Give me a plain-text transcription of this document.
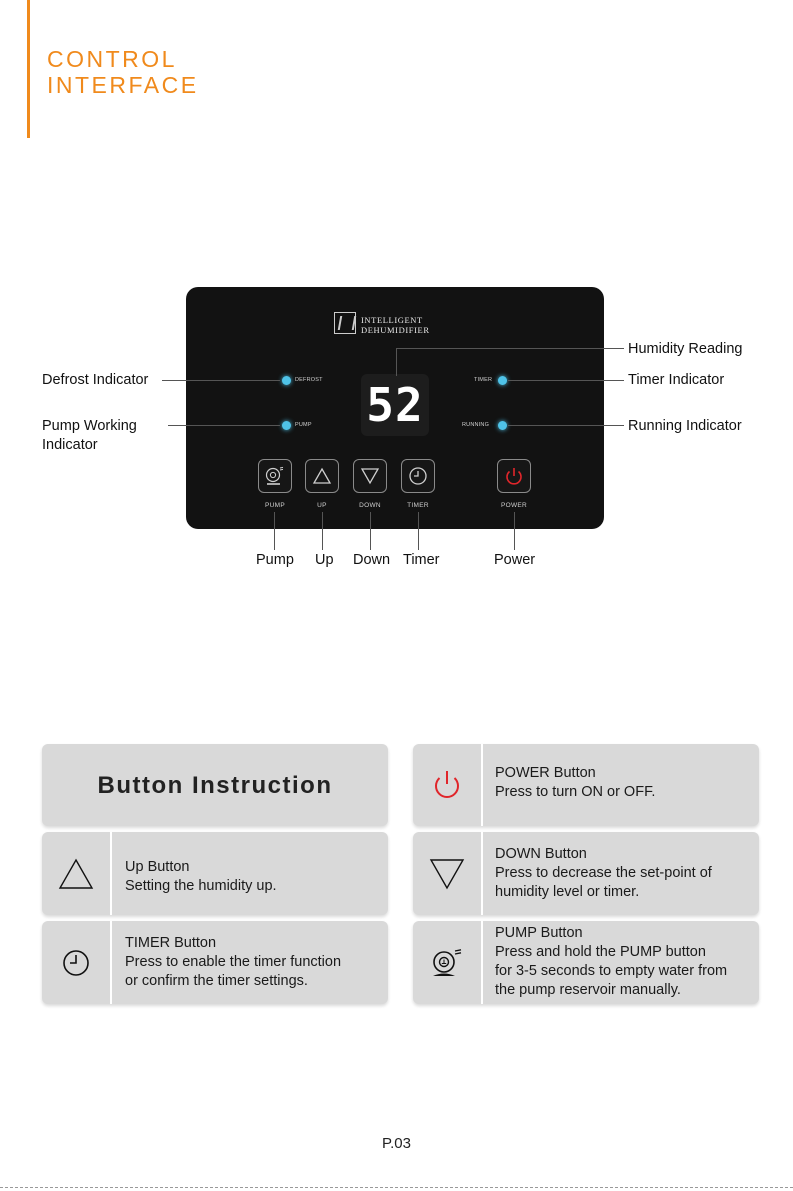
CONTROL
INTERFACE
INTELLIGENT
DEHUMIDIFIER
DEFROST
PUMP
TIMER
RUNNING
52
PUMP	UP	DOWN	TIMER	POWER
Defrost Indicator
Pump Working
Indicator
Humidity Reading
Timer Indicator
Running Indicator
Pump Up Down Timer	Power
Button Instruction
Up Button
Setting the humidity up.
TIMER Button
Press to enable the timer function
or confirm the timer settings.
POWER Button
Press to turn ON or OFF.
DOWN Button
Press to decrease the set-point of
humidity level or timer.
PUMP Button
Press and hold the PUMP button
for 3-5 seconds to empty water from
the pump reservoir manually.
P.03
